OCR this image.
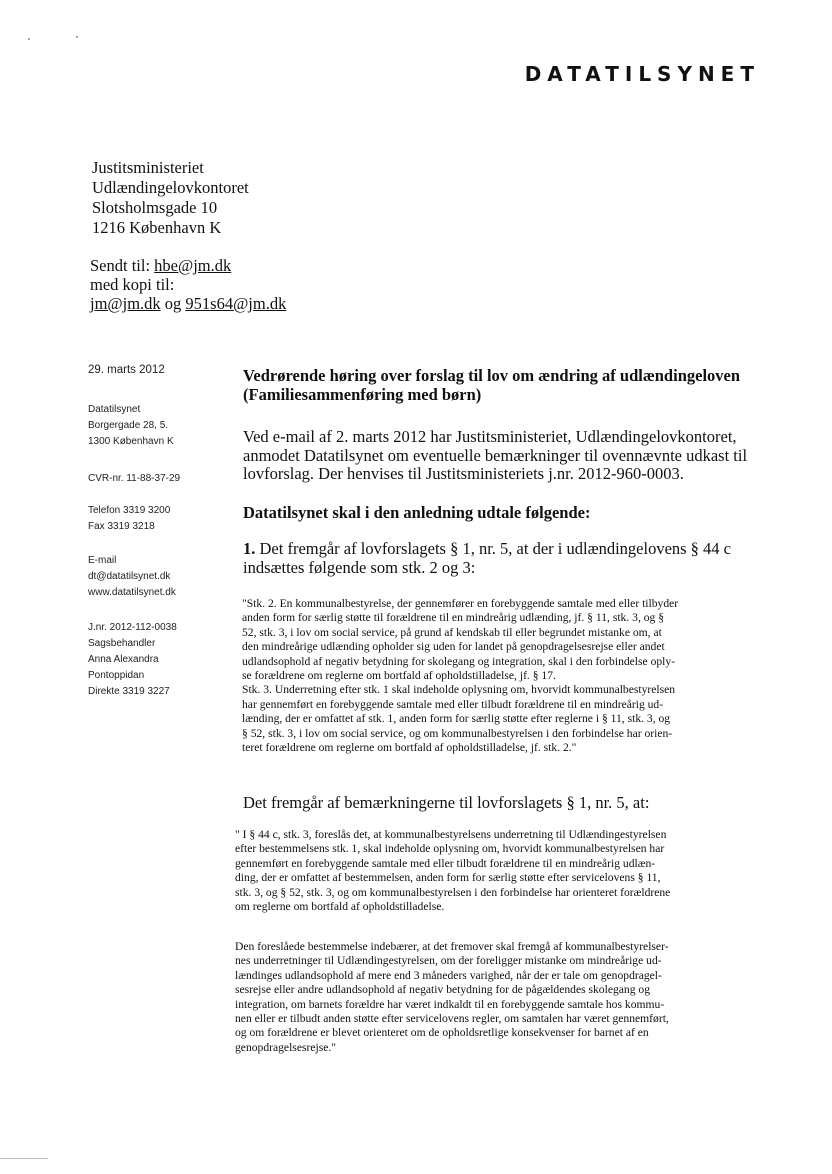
DATATILSYNET
Justitsministeriet
Udlændingelovkontoret
Slotsholmsgade 10
1216 København K
Sendt til: hbe@jm.dk
med kopi til:
jm@jm.dk og 951s64@jm.dk
29. marts 2012
Datatilsynet
Borgergade 28, 5.
1300 København K
CVR-nr. 11-88-37-29
Telefon 3319 3200
Fax 3319 3218
E-mail
dt@datatilsynet.dk
www.datatilsynet.dk
J.nr. 2012-112-0038
Sagsbehandler
Anna Alexandra
Pontoppidan
Direkte 3319 3227
Vedrørende høring over forslag til lov om ændring af udlændingeloven
(Familiesammenføring med børn)
Ved e-mail af 2. marts 2012 har Justitsministeriet, Udlændingelovkontoret,
anmodet Datatilsynet om eventuelle bemærkninger til ovennævnte udkast til
lovforslag. Der henvises til Justitsministeriets j.nr. 2012-960-0003.
Datatilsynet skal i den anledning udtale følgende:
1. Det fremgår af lovforslagets § 1, nr. 5, at der i udlændingelovens § 44 c
indsættes følgende som stk. 2 og 3:
"Stk. 2. En kommunalbestyrelse, der gennemfører en forebyggende samtale med eller tilbyder
anden form for særlig støtte til forældrene til en mindreårig udlænding, jf. § 11, stk. 3, og §
52, stk. 3, i lov om social service, på grund af kendskab til eller begrundet mistanke om, at
den mindreårige udlænding opholder sig uden for landet på genopdragelsesrejse eller andet
udlandsophold af negativ betydning for skolegang og integration, skal i den forbindelse oply-
se forældrene om reglerne om bortfald af opholdstilladelse, jf. § 17.
Stk. 3. Underretning efter stk. 1 skal indeholde oplysning om, hvorvidt kommunalbestyrelsen
har gennemført en forebyggende samtale med eller tilbudt forældrene til en mindreårig ud-
lænding, der er omfattet af stk. 1, anden form for særlig støtte efter reglerne i § 11, stk. 3, og
§ 52, stk. 3, i lov om social service, og om kommunalbestyrelsen i den forbindelse har orien-
teret forældrene om reglerne om bortfald af opholdstilladelse, jf. stk. 2."
Det fremgår af bemærkningerne til lovforslagets § 1, nr. 5, at:
" I § 44 c, stk. 3, foreslås det, at kommunalbestyrelsens underretning til Udlændingestyrelsen
efter bestemmelsens stk. 1, skal indeholde oplysning om, hvorvidt kommunalbestyrelsen har
gennemført en forebyggende samtale med eller tilbudt forældrene til en mindreårig udlæn-
ding, der er omfattet af bestemmelsen, anden form for særlig støtte efter servicelovens § 11,
stk. 3, og § 52, stk. 3, og om kommunalbestyrelsen i den forbindelse har orienteret forældrene
om reglerne om bortfald af opholdstilladelse.
Den foreslåede bestemmelse indebærer, at det fremover skal fremgå af kommunalbestyrelser-
nes underretninger til Udlændingestyrelsen, om der foreligger mistanke om mindreårige ud-
lændinges udlandsophold af mere end 3 måneders varighed, når der er tale om genopdragel-
sesrejse eller andre udlandsophold af negativ betydning for de pågældendes skolegang og
integration, om barnets forældre har været indkaldt til en forebyggende samtale hos kommu-
nen eller er tilbudt anden støtte efter servicelovens regler, om samtalen har været gennemført,
og om forældrene er blevet orienteret om de opholdsretlige konsekvenser for barnet af en
genopdragelsesrejse."
